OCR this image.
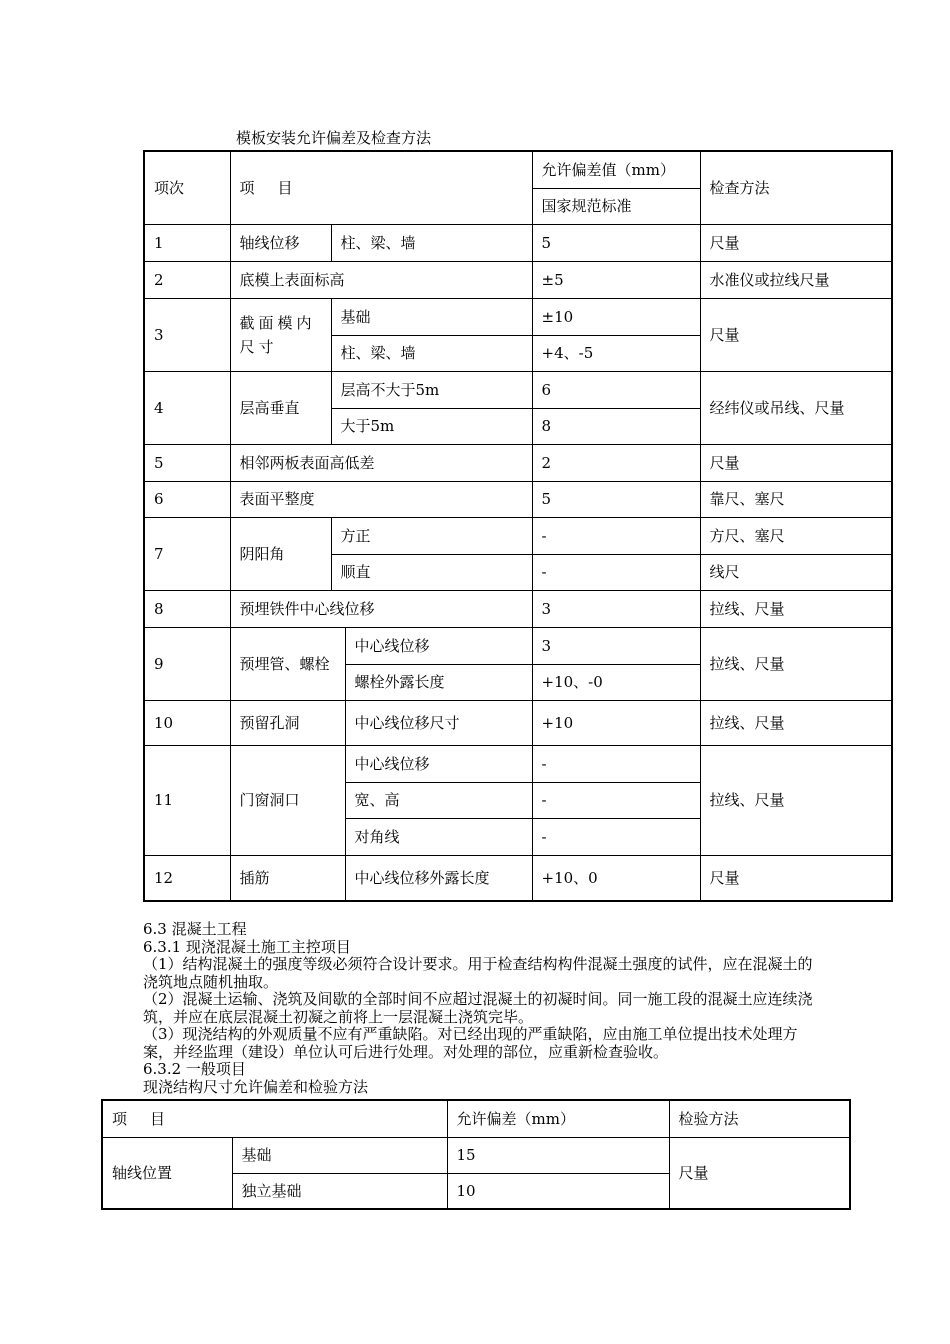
模板安装允许偏差及检查方法
项次	项　目			允许偏差值（mm）	检查方法
				国家规范标准	
1	轴线位移	柱、梁、墙		5	尺量
2	底模上表面标高			±5	水准仪或拉线尺量
3	截面模内尺寸	基础		±10	尺量
		柱、梁、墙		+4、-5	
4	层高垂直	层高不大于5m		6	经纬仪或吊线、尺量
		大于5m		8	
5	相邻两板表面高低差			2	尺量
6	表面平整度			5	靠尺、塞尺
7	阴阳角	方正		-	方尺、塞尺
		顺直		-	线尺
8	预埋铁件中心线位移			3	拉线、尺量
9	预埋管、螺栓		中心线位移	3	拉线、尺量
			螺栓外露长度	+10、-0	
10	预留孔洞		中心线位移尺寸	+10	拉线、尺量
11	门窗洞口		中心线位移	-	拉线、尺量
			宽、高	-	
			对角线	-	
12	插筋		中心线位移外露长度	+10、0	尺量

6.3 混凝土工程

6.3.1 现浇混凝土施工主控项目

（1）结构混凝土的强度等级必须符合设计要求。用于检查结构构件混凝土强度的试件，应在混凝土的浇筑地点随机抽取。

（2）混凝土运输、浇筑及间歇的全部时间不应超过混凝土的初凝时间。同一施工段的混凝土应连续浇筑，并应在底层混凝土初凝之前将上一层混凝土浇筑完毕。

（3）现浇结构的外观质量不应有严重缺陷。对已经出现的严重缺陷，应由施工单位提出技术处理方案，并经监理（建设）单位认可后进行处理。对处理的部位，应重新检查验收。

6.3.2 一般项目

现浇结构尺寸允许偏差和检验方法

项　目		允许偏差（mm）	检验方法
轴线位置	基础	15	尺量
	独立基础	10	
